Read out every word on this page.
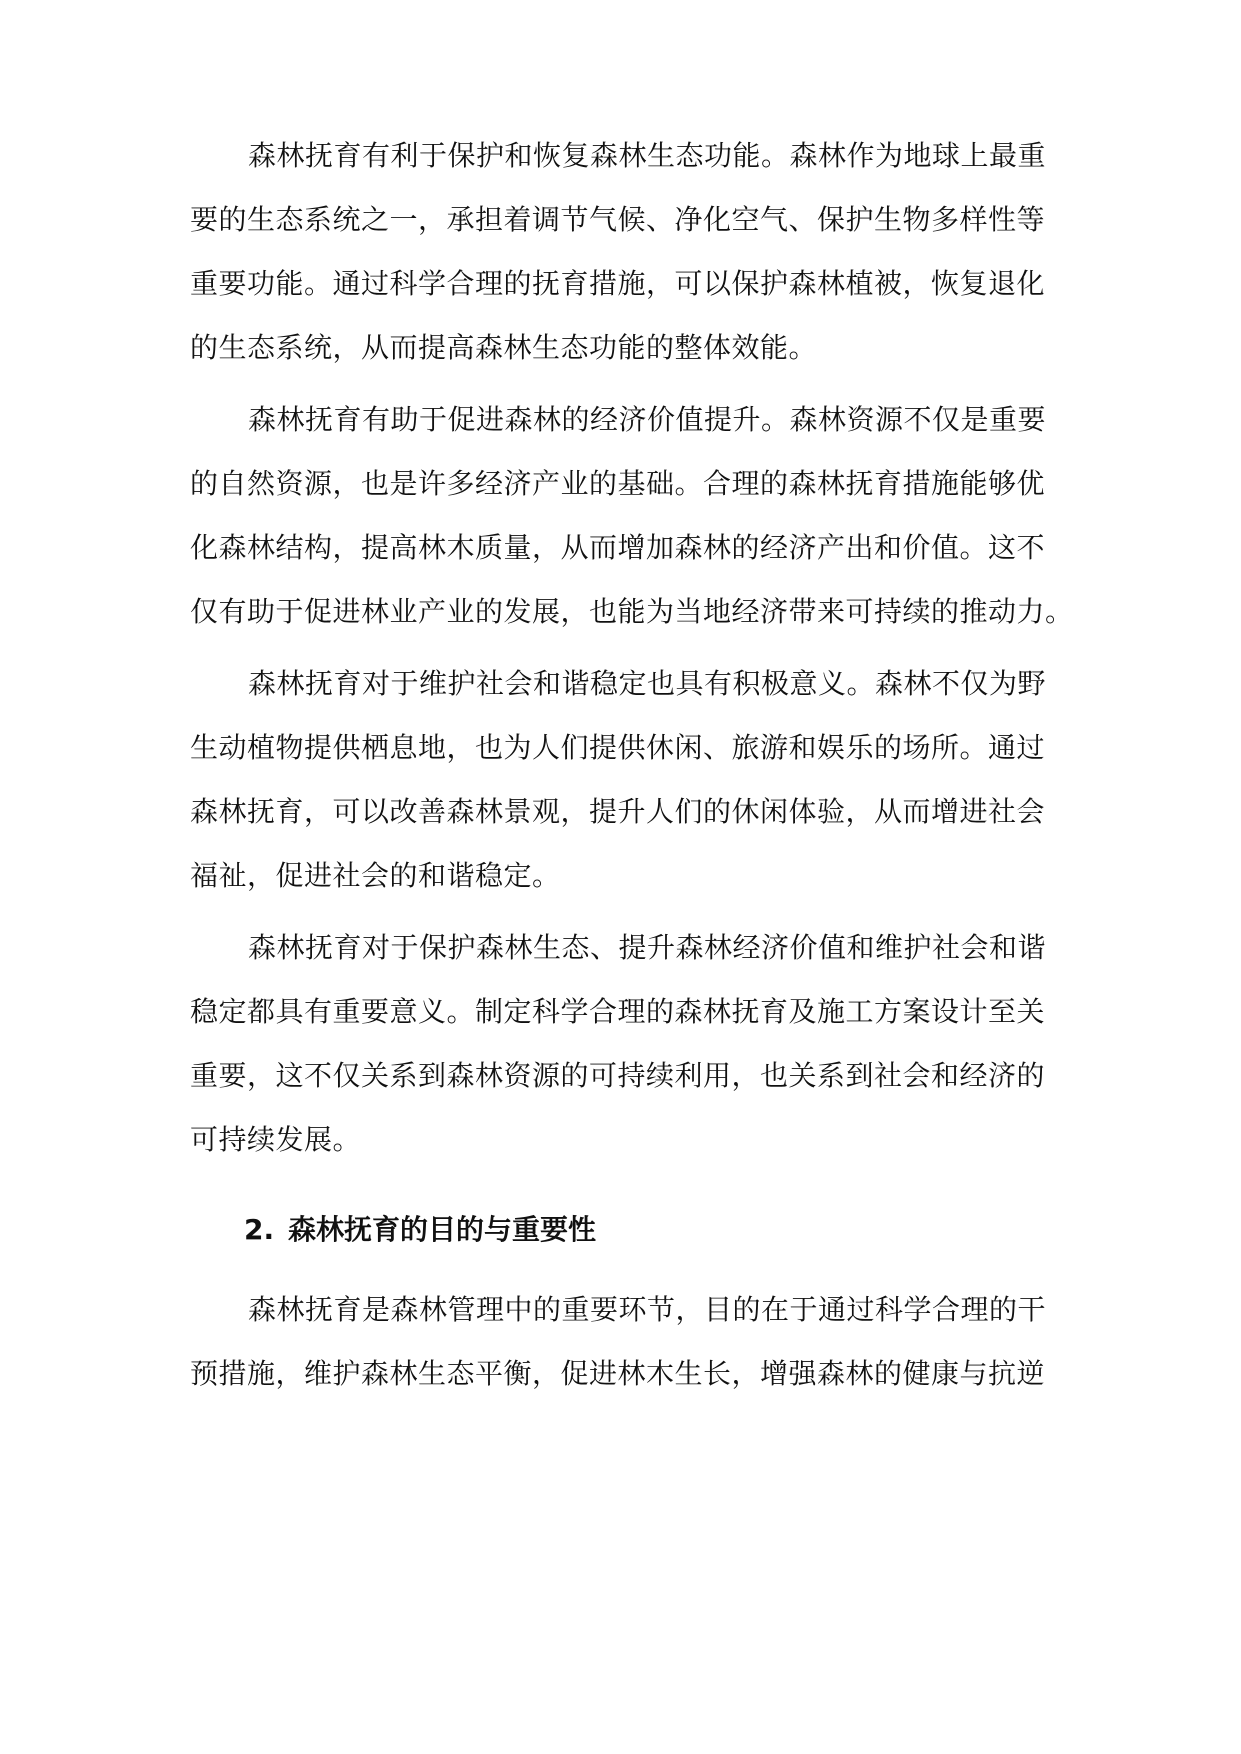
森林抚育有利于保护和恢复森林生态功能。森林作为地球上最重
要的生态系统之一，承担着调节气候、净化空气、保护生物多样性等
重要功能。通过科学合理的抚育措施，可以保护森林植被，恢复退化
的生态系统，从而提高森林生态功能的整体效能。
森林抚育有助于促进森林的经济价值提升。森林资源不仅是重要
的自然资源，也是许多经济产业的基础。合理的森林抚育措施能够优
化森林结构，提高林木质量，从而增加森林的经济产出和价值。这不
仅有助于促进林业产业的发展，也能为当地经济带来可持续的推动力。
森林抚育对于维护社会和谐稳定也具有积极意义。森林不仅为野
生动植物提供栖息地，也为人们提供休闲、旅游和娱乐的场所。通过
森林抚育，可以改善森林景观，提升人们的休闲体验，从而增进社会
福祉，促进社会的和谐稳定。
森林抚育对于保护森林生态、提升森林经济价值和维护社会和谐
稳定都具有重要意义。制定科学合理的森林抚育及施工方案设计至关
重要，这不仅关系到森林资源的可持续利用，也关系到社会和经济的
可持续发展。
2. 森林抚育的目的与重要性
森林抚育是森林管理中的重要环节，目的在于通过科学合理的干
预措施，维护森林生态平衡，促进林木生长，增强森林的健康与抗逆
